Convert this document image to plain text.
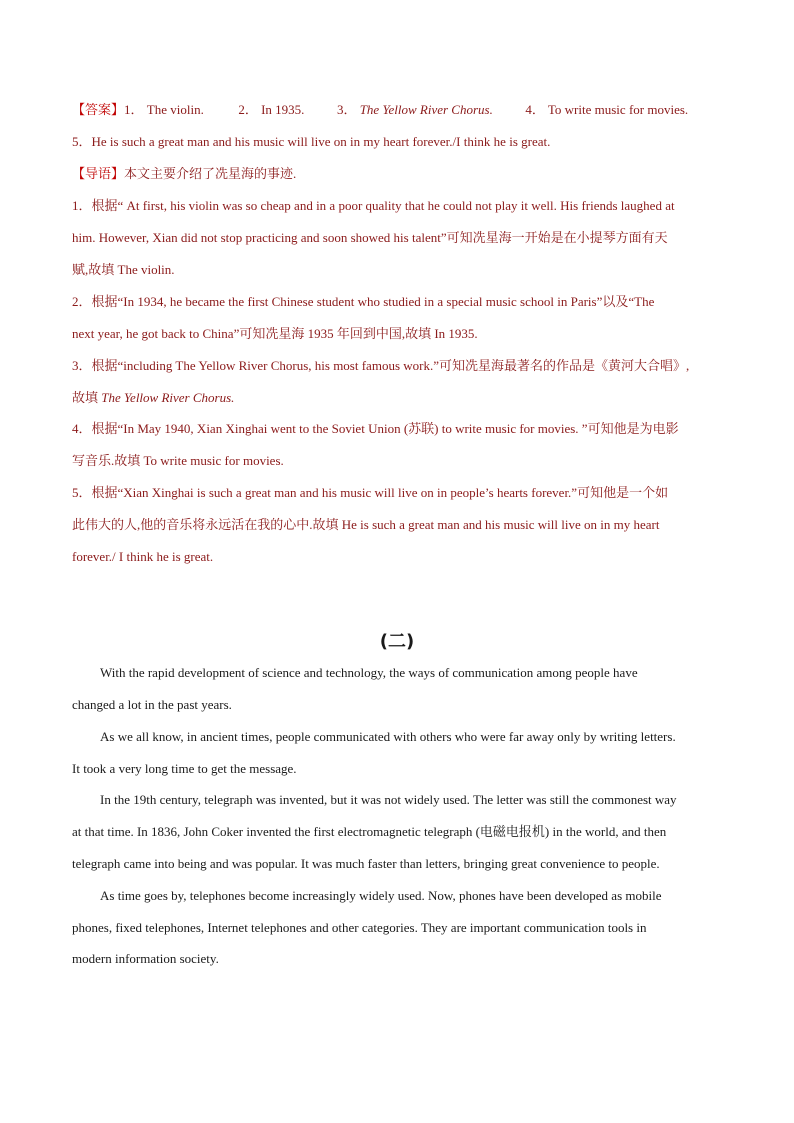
【答案】1． The violin.	2． In 1935.	3． The Yellow River Chorus.	4． To write music for movies.
5．He is such a great man and his music will live on in my heart forever./I think he is great.
【导语】本文主要介绍了冼星海的事迹.
1．根据“ At first, his violin was so cheap and in a poor quality that he could not play it well. His friends laughed at
him. However, Xian did not stop practicing and soon showed his talent”可知冼星海一开始是在小提琴方面有天
赋,故填 The violin.
2．根据“In 1934, he became the first Chinese student who studied in a special music school in Paris”以及“The
next year, he got back to China”可知冼星海 1935 年回到中国,故填 In 1935.
3．根据“including The Yellow River Chorus, his most famous work.”可知冼星海最著名的作品是《黄河大合唱》,
故填 The Yellow River Chorus.
4．根据“In May 1940, Xian Xinghai went to the Soviet Union (苏联) to write music for movies. ”可知他是为电影
写音乐.故填 To write music for movies.
5．根据“Xian Xinghai is such a great man and his music will live on in people’s hearts forever.”可知他是一个如
此伟大的人,他的音乐将永远活在我的心中.故填 He is such a great man and his music will live on in my heart
forever./ I think he is great.
(二)
With the rapid development of science and technology, the ways of communication among people have
changed a lot in the past years.
As we all know, in ancient times, people communicated with others who were far away only by writing letters.
It took a very long time to get the message.
In the 19th century, telegraph was invented, but it was not widely used. The letter was still the commonest way
at that time. In 1836, John Coker invented the first electromagnetic telegraph (电磁电报机) in the world, and then
telegraph came into being and was popular. It was much faster than letters, bringing great convenience to people.
As time goes by, telephones become increasingly widely used. Now, phones have been developed as mobile
phones, fixed telephones, Internet telephones and other categories. They are important communication tools in
modern information society.
